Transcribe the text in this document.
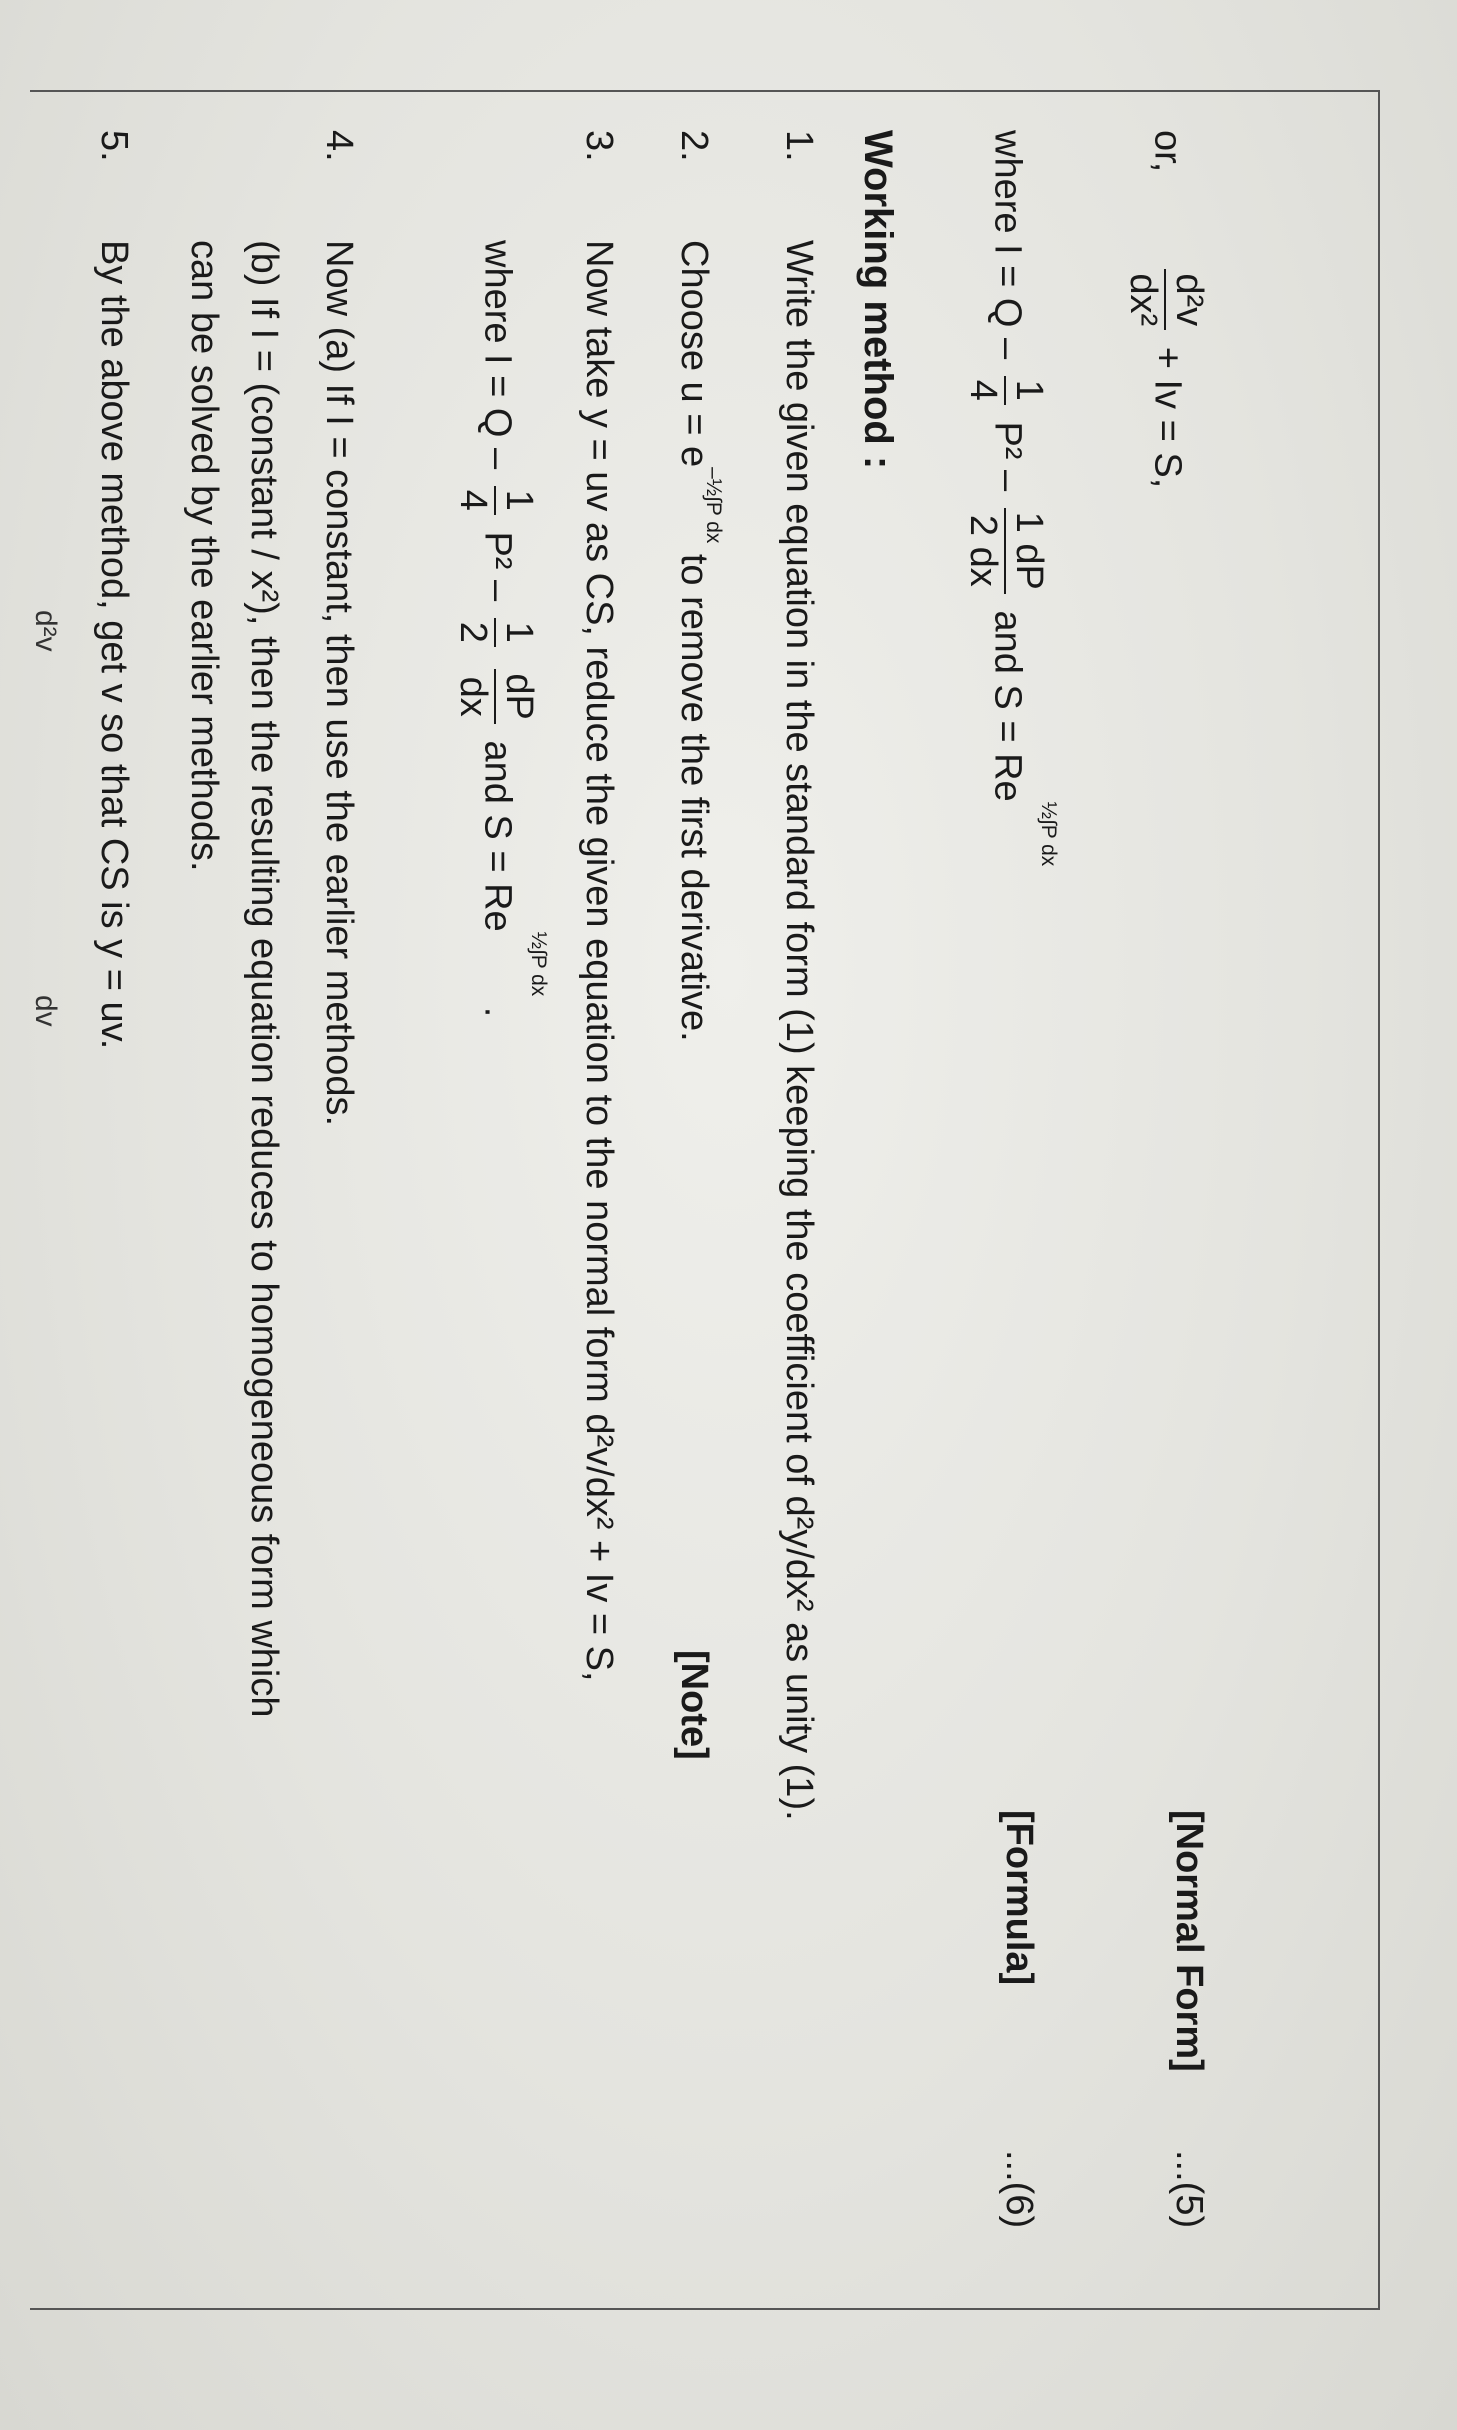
or,
d²v
dx²
+ Iv = S,
[Normal Form]
...(5)
where I = Q –
1
4
P² –
1 dP
2 dx
and S = Re½∫P dx
[Formula]
...(6)
Working method :
1.
Write the given equation in the standard form (1) keeping the coefficient of d²y/dx² as unity (1).
2.
Choose u = e–½∫P dx to remove the first derivative.
[Note]
3.
Now take y = uv as CS, reduce the given equation to the normal form d²v/dx² + Iv = S,
where I = Q –
1
4
P² –
1
2

dP
dx
and S = Re½∫P dx .
4.
Now (a) If I = constant, then use the earlier methods.
(b) If I = (constant / x²), then the resulting equation reduces to homogeneous form which
can be solved by the earlier methods.
5.
By the above method, get v so that CS is y = uv.
d²v
dv
